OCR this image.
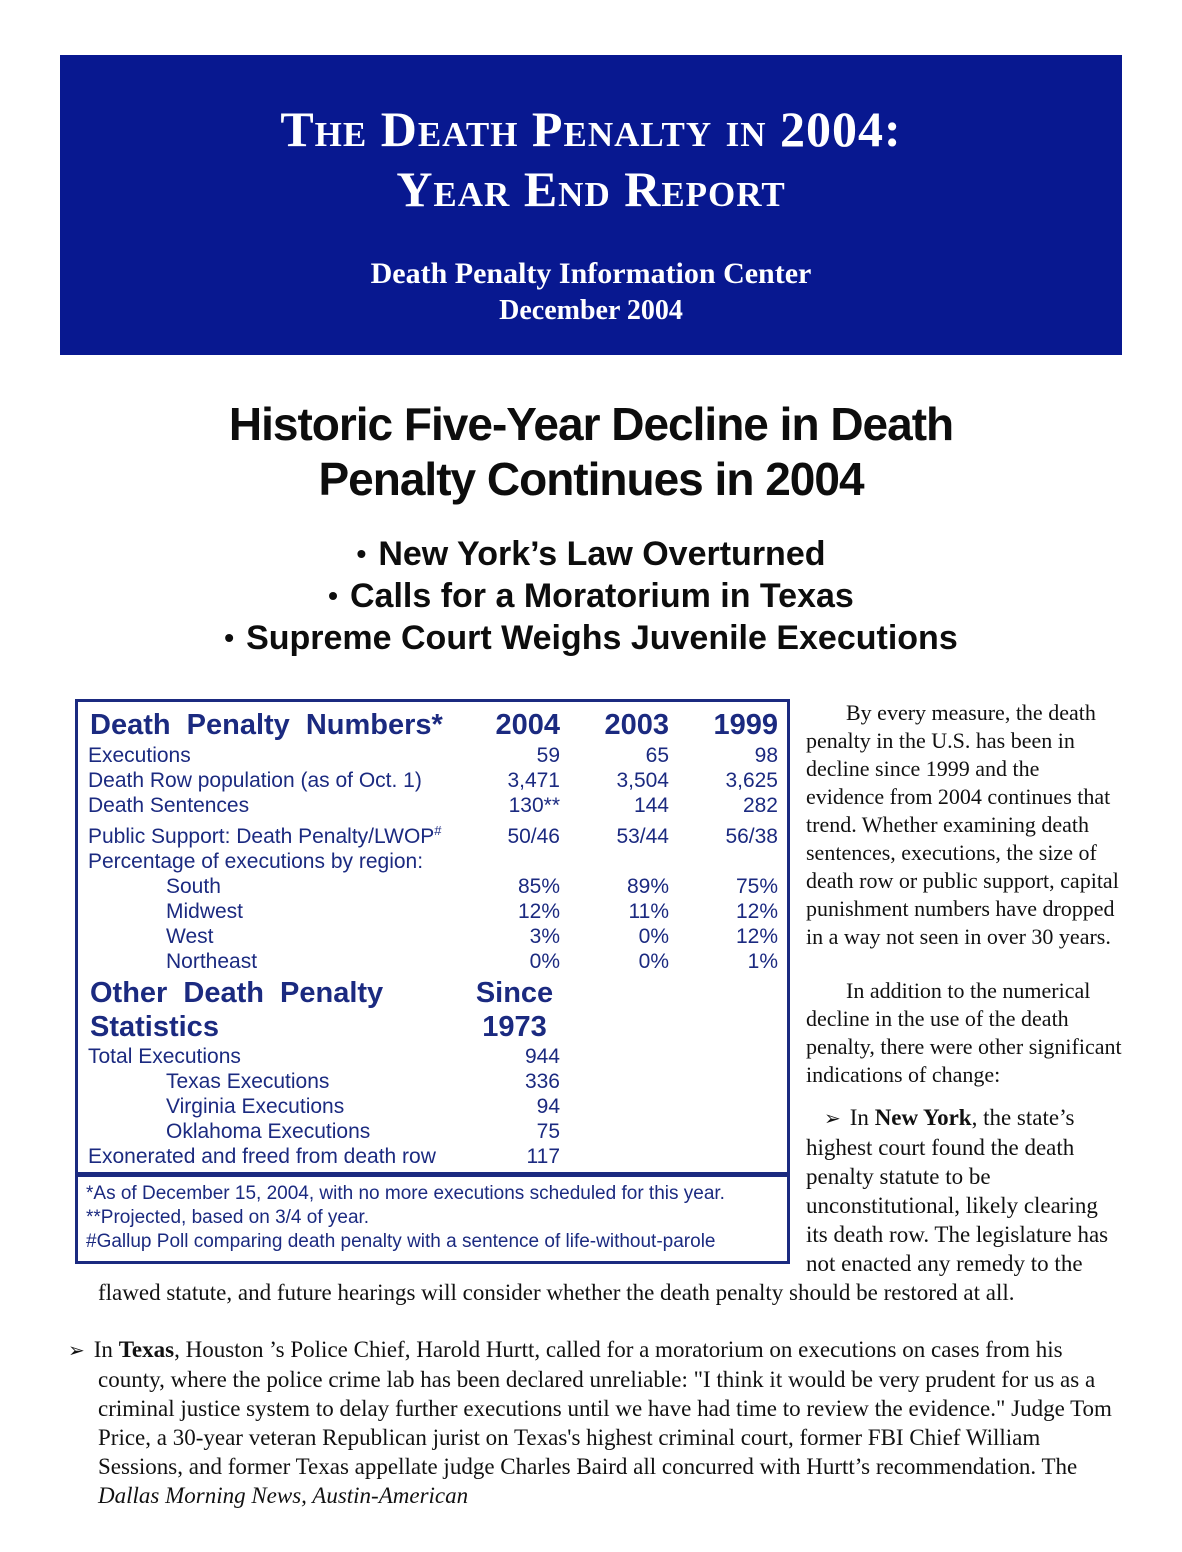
The Death Penalty in 2004:
Year End Report
Death Penalty Information Center
December 2004
Historic Five-Year Decline in Death
Penalty Continues in 2004
• New York’s Law Overturned
• Calls for a Moratorium in Texas
• Supreme Court Weighs Juvenile Executions
Death Penalty Numbers*	2004	2003	1999
Executions	59	65	98
Death Row population (as of Oct. 1)	3,471	3,504	3,625
Death Sentences	130**	144	282
Public Support: Death Penalty/LWOP#	50/46	53/44	56/38
Percentage of executions by region:			
South	85%	89%	75%
Midwest	12%	11%	12%
West	3%	0%	12%
Northeast	0%	0%	1%
Other Death Penalty Statistics	Since 1973		
Total Executions	944		
Texas Executions	336		
Virginia Executions	94		
Oklahoma Executions	75		
Exonerated and freed from death row	117		
*As of December 15, 2004, with no more executions scheduled for this year.
**Projected, based on 3/4 of year.
#Gallup Poll comparing death penalty with a sentence of life-without-parole

By every measure, the death penalty in the U.S. has been in decline since 1999 and the evidence from 2004 continues that trend. Whether examining death sentences, executions, the size of death row or public support, capital punishment numbers have dropped in a way not seen in over 30 years.

In addition to the numerical decline in the use of the death penalty, there were other significant indications of change:

➢ In New York, the state’s highest court found the death penalty statute to be unconstitutional, likely clearing its death row. The legislature has not enacted any remedy to the flawed statute, and future hearings will consider whether the death penalty should be restored at all.

➢ In Texas, Houston ’s Police Chief, Harold Hurtt, called for a moratorium on executions on cases from his county, where the police crime lab has been declared unreliable: "I think it would be very prudent for us as a criminal justice system to delay further executions until we have had time to review the evidence." Judge Tom Price, a 30-year veteran Republican jurist on Texas's highest criminal court, former FBI Chief William Sessions, and former Texas appellate judge Charles Baird all concurred with Hurtt’s recommendation. The Dallas Morning News, Austin-American
